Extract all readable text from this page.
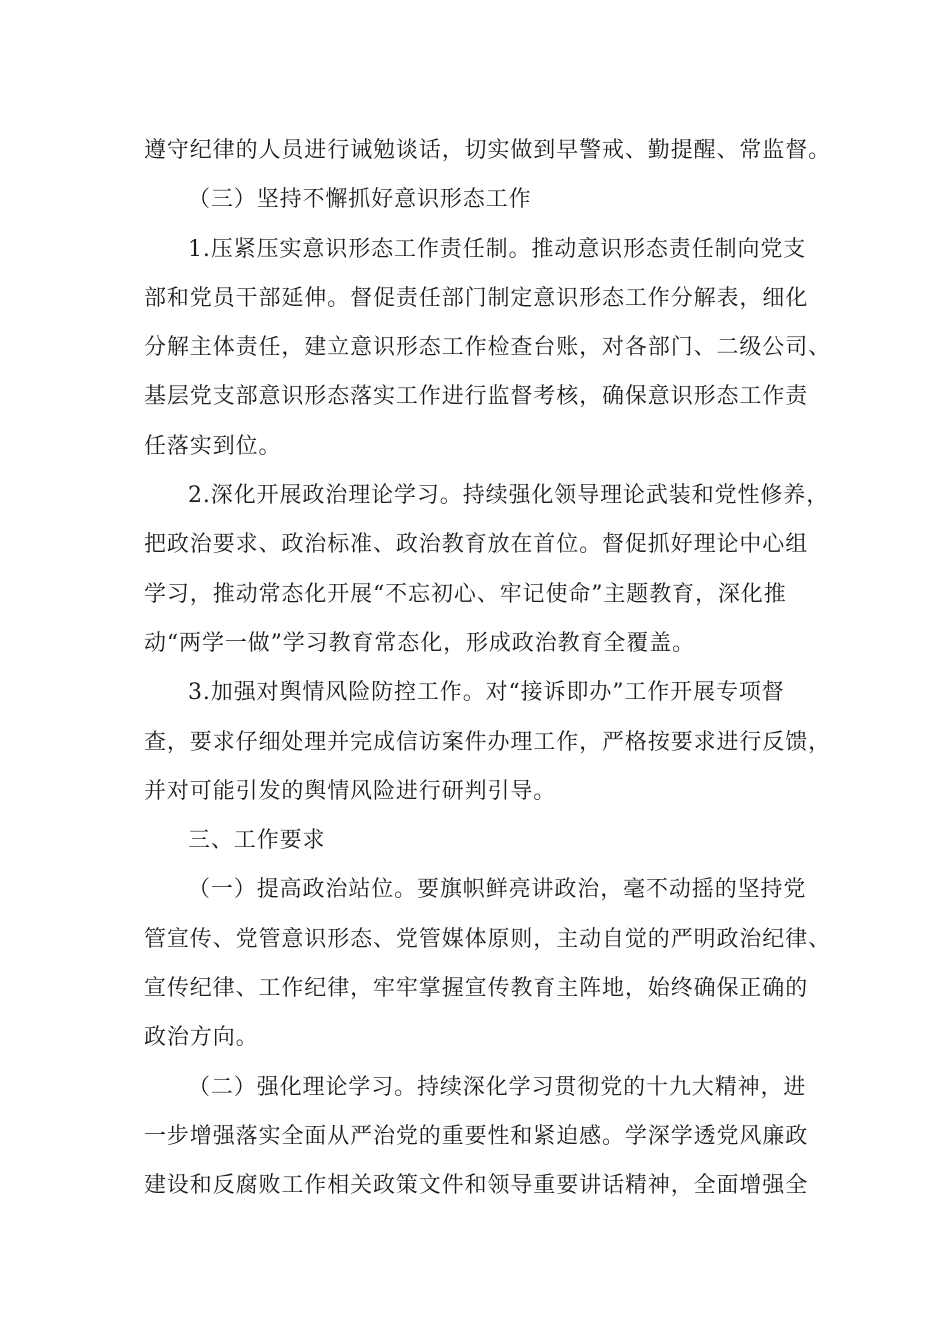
遵守纪律的人员进行诫勉谈话，切实做到早警戒、勤提醒、常监督。
（三）坚持不懈抓好意识形态工作
1.压紧压实意识形态工作责任制。推动意识形态责任制向党支
部和党员干部延伸。督促责任部门制定意识形态工作分解表，细化
分解主体责任，建立意识形态工作检查台账，对各部门、二级公司、
基层党支部意识形态落实工作进行监督考核，确保意识形态工作责
任落实到位。
2.深化开展政治理论学习。持续强化领导理论武装和党性修养，
把政治要求、政治标准、政治教育放在首位。督促抓好理论中心组
学习，推动常态化开展“不忘初心、牢记使命”主题教育，深化推
动“两学一做”学习教育常态化，形成政治教育全覆盖。
3.加强对舆情风险防控工作。对“接诉即办”工作开展专项督
查，要求仔细处理并完成信访案件办理工作，严格按要求进行反馈，
并对可能引发的舆情风险进行研判引导。
三、工作要求
（一）提高政治站位。要旗帜鲜亮讲政治，毫不动摇的坚持党
管宣传、党管意识形态、党管媒体原则，主动自觉的严明政治纪律、
宣传纪律、工作纪律，牢牢掌握宣传教育主阵地，始终确保正确的
政治方向。
（二）强化理论学习。持续深化学习贯彻党的十九大精神，进
一步增强落实全面从严治党的重要性和紧迫感。学深学透党风廉政
建设和反腐败工作相关政策文件和领导重要讲话精神，全面增强全
